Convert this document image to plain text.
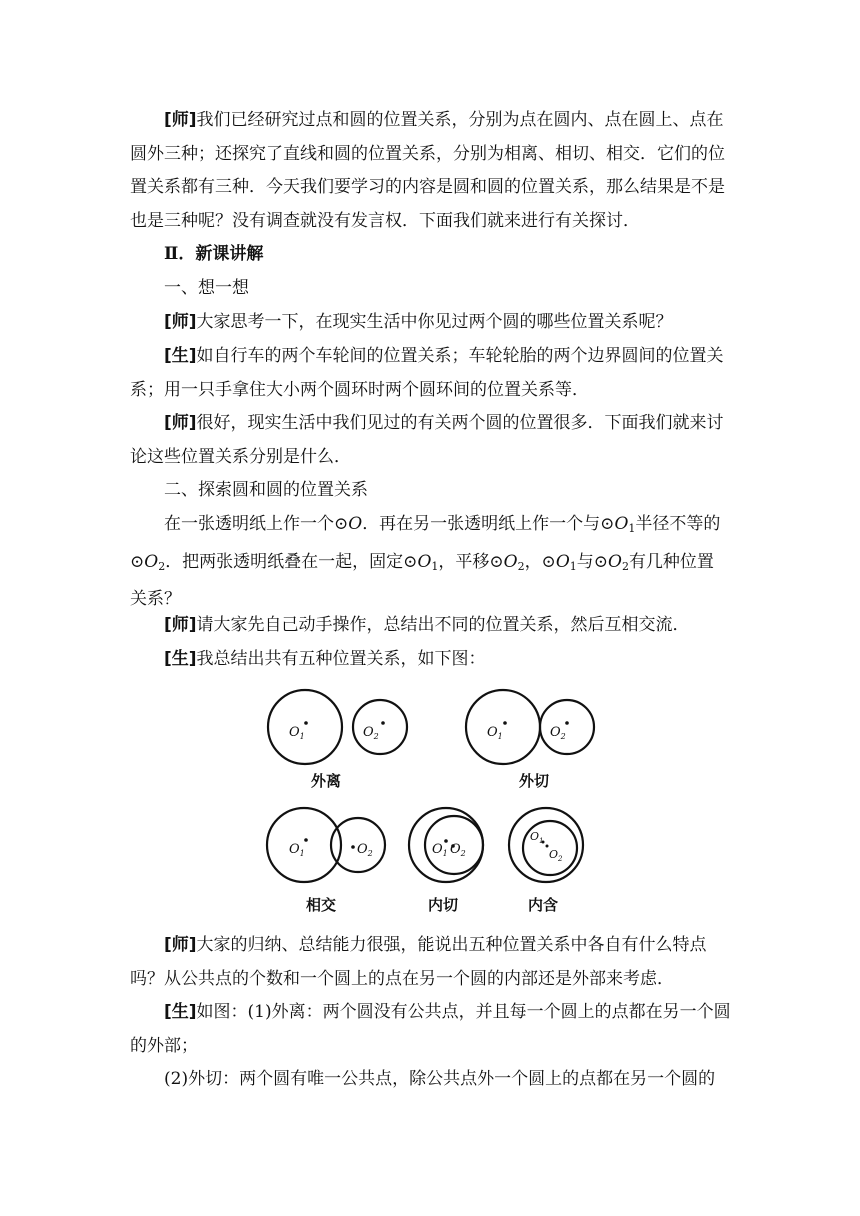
[师]我们已经研究过点和圆的位置关系，分别为点在圆内、点在圆上、点在
圆外三种；还探究了直线和圆的位置关系，分别为相离、相切、相交．它们的位
置关系都有三种．今天我们要学习的内容是圆和圆的位置关系，那么结果是不是
也是三种呢？没有调查就没有发言权．下面我们就来进行有关探讨．
Ⅱ．新课讲解
一、想一想
[师]大家思考一下，在现实生活中你见过两个圆的哪些位置关系呢？
[生]如自行车的两个车轮间的位置关系；车轮轮胎的两个边界圆间的位置关
系；用一只手拿住大小两个圆环时两个圆环间的位置关系等．
[师]很好，现实生活中我们见过的有关两个圆的位置很多．下面我们就来讨
论这些位置关系分别是什么．
二、探索圆和圆的位置关系
在一张透明纸上作一个⊙O．再在另一张透明纸上作一个与$⊙O_1$半径不等的
$⊙O_2$．把两张透明纸叠在一起，固定$⊙O_1$，平移$⊙O_2$，$⊙O_1$与$⊙O_2$有几种位置
关系？
[师]请大家先自己动手操作，总结出不同的位置关系，然后互相交流．
[生]我总结出共有五种位置关系，如下图：
$O_1$	$O_2$	$O_1$	$O_2$
$O_1$	$O_2$	$O_1$ $O_2$
$O_1$
$O_2$
外离	外切
相交	内切	内含
[师]大家的归纳、总结能力很强，能说出五种位置关系中各自有什么特点
吗？从公共点的个数和一个圆上的点在另一个圆的内部还是外部来考虑．
[生]如图：(1)外离：两个圆没有公共点，并且每一个圆上的点都在另一个圆
的外部；
(2)外切：两个圆有唯一公共点，除公共点外一个圆上的点都在另一个圆的
